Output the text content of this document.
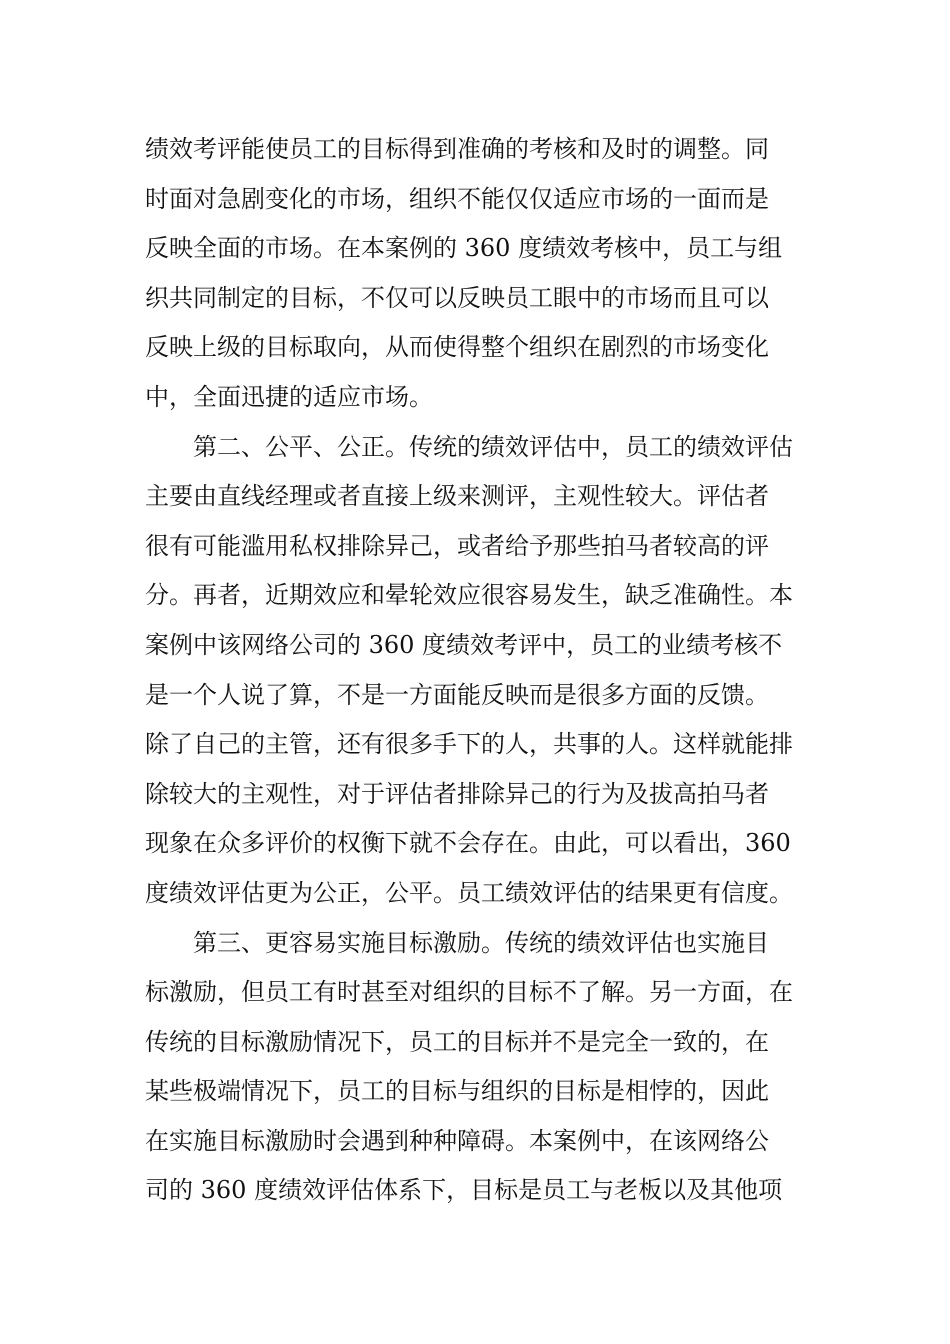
绩效考评能使员工的目标得到准确的考核和及时的调整。同
时面对急剧变化的市场，组织不能仅仅适应市场的一面而是
反映全面的市场。在本案例的 360 度绩效考核中，员工与组
织共同制定的目标，不仅可以反映员工眼中的市场而且可以
反映上级的目标取向，从而使得整个组织在剧烈的市场变化
中，全面迅捷的适应市场。
第二、公平、公正。传统的绩效评估中，员工的绩效评估
主要由直线经理或者直接上级来测评，主观性较大。评估者
很有可能滥用私权排除异己，或者给予那些拍马者较高的评
分。再者，近期效应和晕轮效应很容易发生，缺乏准确性。本
案例中该网络公司的 360 度绩效考评中，员工的业绩考核不
是一个人说了算，不是一方面能反映而是很多方面的反馈。
除了自己的主管，还有很多手下的人，共事的人。这样就能排
除较大的主观性，对于评估者排除异己的行为及拔高拍马者
现象在众多评价的权衡下就不会存在。由此，可以看出，360
度绩效评估更为公正，公平。员工绩效评估的结果更有信度。
第三、更容易实施目标激励。传统的绩效评估也实施目
标激励，但员工有时甚至对组织的目标不了解。另一方面，在
传统的目标激励情况下，员工的目标并不是完全一致的，在
某些极端情况下，员工的目标与组织的目标是相悖的，因此
在实施目标激励时会遇到种种障碍。本案例中，在该网络公
司的 360 度绩效评估体系下，目标是员工与老板以及其他项
